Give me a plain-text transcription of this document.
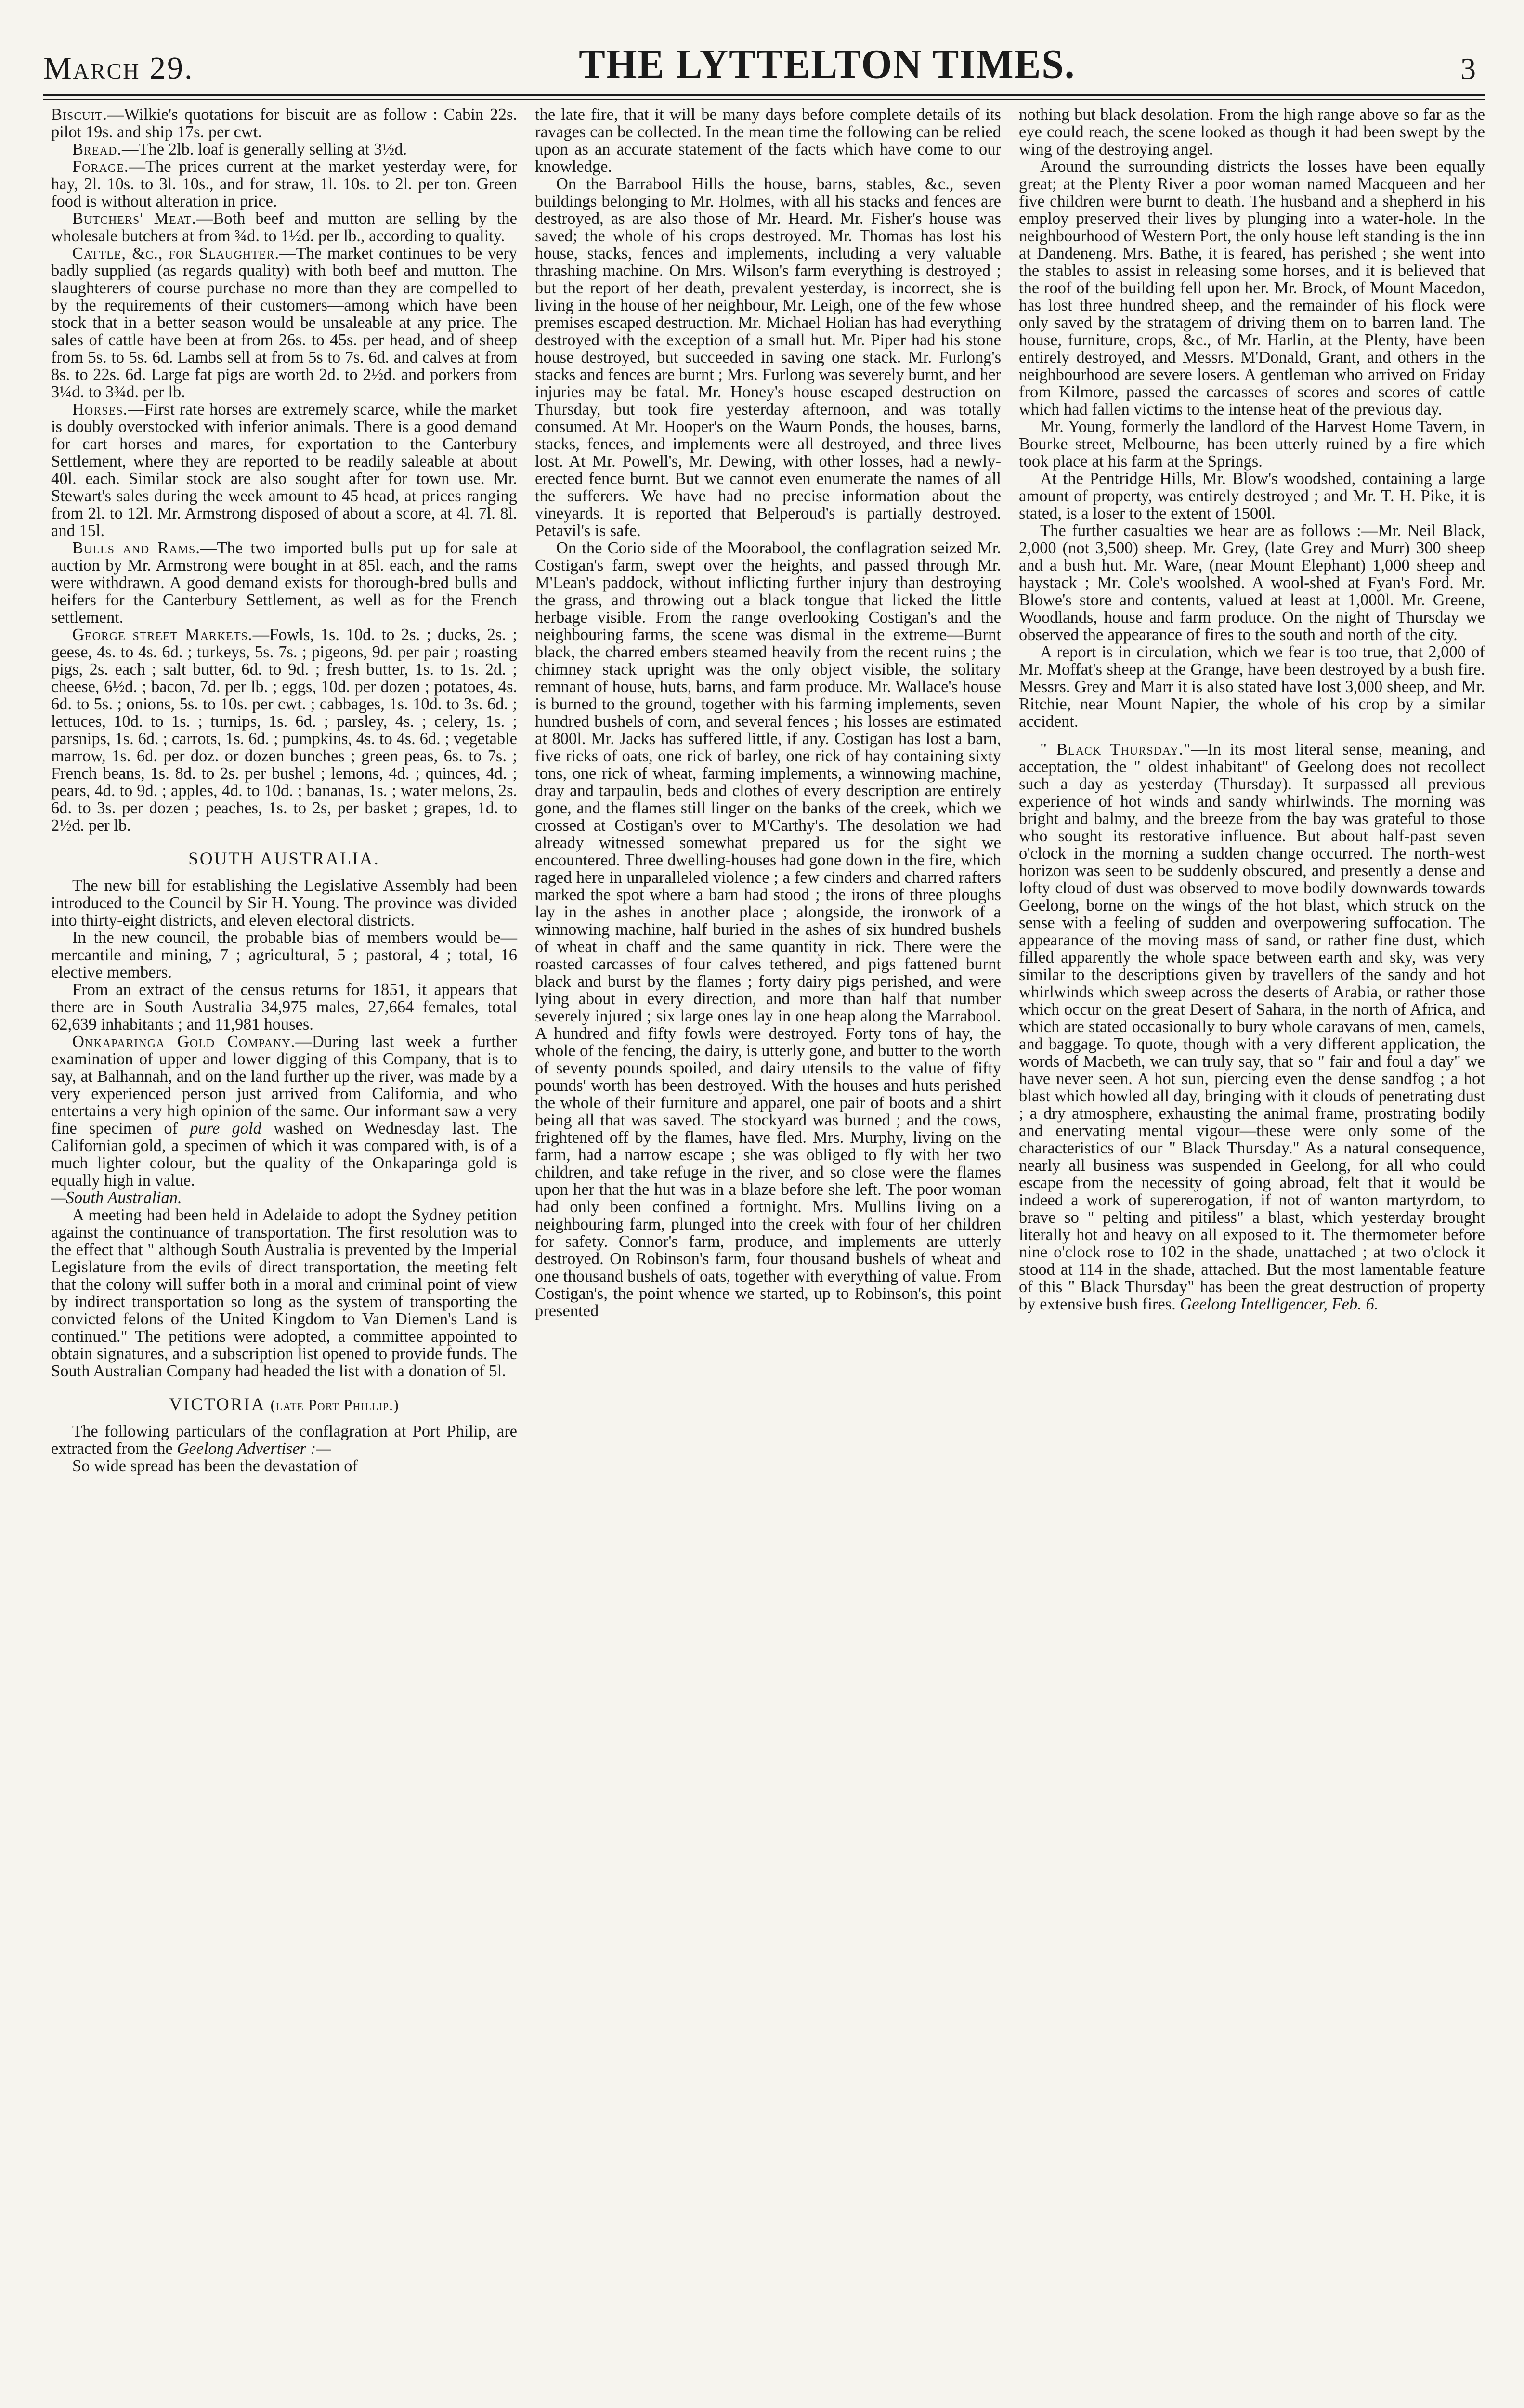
March 29.	THE LYTTELTON TIMES.	3

Biscuit.—Wilkie's quotations for biscuit are as follow : Cabin 22s. pilot 19s. and ship 17s. per cwt.

Bread.—The 2lb. loaf is generally selling at 3½d.

Forage.—The prices current at the market yesterday were, for hay, 2l. 10s. to 3l. 10s., and for straw, 1l. 10s. to 2l. per ton. Green food is without alteration in price.

Butchers' Meat.—Both beef and mutton are selling by the wholesale butchers at from ¾d. to 1½d. per lb., according to quality.

Cattle, &c., for Slaughter.—The market continues to be very badly supplied (as regards quality) with both beef and mutton. The slaughterers of course purchase no more than they are compelled to by the requirements of their customers—among which have been stock that in a better season would be unsaleable at any price. The sales of cattle have been at from 26s. to 45s. per head, and of sheep from 5s. to 5s. 6d. Lambs sell at from 5s to 7s. 6d. and calves at from 8s. to 22s. 6d. Large fat pigs are worth 2d. to 2½d. and porkers from 3¼d. to 3¾d. per lb.

Horses.—First rate horses are extremely scarce, while the market is doubly overstocked with inferior animals. There is a good demand for cart horses and mares, for exportation to the Canterbury Settlement, where they are reported to be readily saleable at about 40l. each. Similar stock are also sought after for town use. Mr. Stewart's sales during the week amount to 45 head, at prices ranging from 2l. to 12l. Mr. Armstrong disposed of about a score, at 4l. 7l. 8l. and 15l.

Bulls and Rams.—The two imported bulls put up for sale at auction by Mr. Armstrong were bought in at 85l. each, and the rams were withdrawn. A good demand exists for thorough-bred bulls and heifers for the Canterbury Settlement, as well as for the French settlement.

George street Markets.—Fowls, 1s. 10d. to 2s. ; ducks, 2s. ; geese, 4s. to 4s. 6d. ; turkeys, 5s. 7s. ; pigeons, 9d. per pair ; roasting pigs, 2s. each ; salt butter, 6d. to 9d. ; fresh butter, 1s. to 1s. 2d. ; cheese, 6½d. ; bacon, 7d. per lb. ; eggs, 10d. per dozen ; potatoes, 4s. 6d. to 5s. ; onions, 5s. to 10s. per cwt. ; cabbages, 1s. 10d. to 3s. 6d. ; lettuces, 10d. to 1s. ; turnips, 1s. 6d. ; parsley, 4s. ; celery, 1s. ; parsnips, 1s. 6d. ; carrots, 1s. 6d. ; pumpkins, 4s. to 4s. 6d. ; vegetable marrow, 1s. 6d. per doz. or dozen bunches ; green peas, 6s. to 7s. ; French beans, 1s. 8d. to 2s. per bushel ; lemons, 4d. ; quinces, 4d. ; pears, 4d. to 9d. ; apples, 4d. to 10d. ; bananas, 1s. ; water melons, 2s. 6d. to 3s. per dozen ; peaches, 1s. to 2s, per basket ; grapes, 1d. to 2½d. per lb.

SOUTH AUSTRALIA.

The new bill for establishing the Legislative Assembly had been introduced to the Council by Sir H. Young. The province was divided into thirty-eight districts, and eleven electoral districts.

In the new council, the probable bias of members would be—mercantile and mining, 7 ; agricultural, 5 ; pastoral, 4 ; total, 16 elective members.

From an extract of the census returns for 1851, it appears that there are in South Australia 34,975 males, 27,664 females, total 62,639 inhabitants ; and 11,981 houses.

Onkaparinga Gold Company.—During last week a further examination of upper and lower digging of this Company, that is to say, at Balhannah, and on the land further up the river, was made by a very experienced person just arrived from California, and who entertains a very high opinion of the same. Our informant saw a very fine specimen of pure gold washed on Wednesday last. The Californian gold, a specimen of which it was compared with, is of a much lighter colour, but the quality of the Onkaparinga gold is equally high in value.
—South Australian.

A meeting had been held in Adelaide to adopt the Sydney petition against the continuance of transportation. The first resolution was to the effect that " although South Australia is prevented by the Imperial Legislature from the evils of direct transportation, the meeting felt that the colony will suffer both in a moral and criminal point of view by indirect transportation so long as the system of transporting the convicted felons of the United Kingdom to Van Diemen's Land is continued." The petitions were adopted, a committee appointed to obtain signatures, and a subscription list opened to provide funds. The South Australian Company had headed the list with a donation of 5l.

VICTORIA (late Port Phillip.)

The following particulars of the conflagration at Port Philip, are extracted from the Geelong Advertiser :—

So wide spread has been the devastation of

the late fire, that it will be many days before complete details of its ravages can be collected. In the mean time the following can be relied upon as an accurate statement of the facts which have come to our knowledge.

On the Barrabool Hills the house, barns, stables, &c., seven buildings belonging to Mr. Holmes, with all his stacks and fences are destroyed, as are also those of Mr. Heard. Mr. Fisher's house was saved; the whole of his crops destroyed. Mr. Thomas has lost his house, stacks, fences and implements, including a very valuable thrashing machine. On Mrs. Wilson's farm everything is destroyed ; but the report of her death, prevalent yesterday, is incorrect, she is living in the house of her neighbour, Mr. Leigh, one of the few whose premises escaped destruction. Mr. Michael Holian has had everything destroyed with the exception of a small hut. Mr. Piper had his stone house destroyed, but succeeded in saving one stack. Mr. Furlong's stacks and fences are burnt ; Mrs. Furlong was severely burnt, and her injuries may be fatal. Mr. Honey's house escaped destruction on Thursday, but took fire yesterday afternoon, and was totally consumed. At Mr. Hooper's on the Waurn Ponds, the houses, barns, stacks, fences, and implements were all destroyed, and three lives lost. At Mr. Powell's, Mr. Dewing, with other losses, had a newly-erected fence burnt. But we cannot even enumerate the names of all the sufferers. We have had no precise information about the vineyards. It is reported that Belperoud's is partially destroyed. Petavil's is safe.

On the Corio side of the Moorabool, the conflagration seized Mr. Costigan's farm, swept over the heights, and passed through Mr. M'Lean's paddock, without inflicting further injury than destroying the grass, and throwing out a black tongue that licked the little herbage visible. From the range overlooking Costigan's and the neighbouring farms, the scene was dismal in the extreme—Burnt black, the charred embers steamed heavily from the recent ruins ; the chimney stack upright was the only object visible, the solitary remnant of house, huts, barns, and farm produce. Mr. Wallace's house is burned to the ground, together with his farming implements, seven hundred bushels of corn, and several fences ; his losses are estimated at 800l. Mr. Jacks has suffered little, if any. Costigan has lost a barn, five ricks of oats, one rick of barley, one rick of hay containing sixty tons, one rick of wheat, farming implements, a winnowing machine, dray and tarpaulin, beds and clothes of every description are entirely gone, and the flames still linger on the banks of the creek, which we crossed at Costigan's over to M'Carthy's. The desolation we had already witnessed somewhat prepared us for the sight we encountered. Three dwelling-houses had gone down in the fire, which raged here in unparalleled violence ; a few cinders and charred rafters marked the spot where a barn had stood ; the irons of three ploughs lay in the ashes in another place ; alongside, the ironwork of a winnowing machine, half buried in the ashes of six hundred bushels of wheat in chaff and the same quantity in rick. There were the roasted carcasses of four calves tethered, and pigs fattened burnt black and burst by the flames ; forty dairy pigs perished, and were lying about in every direction, and more than half that number severely injured ; six large ones lay in one heap along the Marrabool. A hundred and fifty fowls were destroyed. Forty tons of hay, the whole of the fencing, the dairy, is utterly gone, and butter to the worth of seventy pounds spoiled, and dairy utensils to the value of fifty pounds' worth has been destroyed. With the houses and huts perished the whole of their furniture and apparel, one pair of boots and a shirt being all that was saved. The stockyard was burned ; and the cows, frightened off by the flames, have fled. Mrs. Murphy, living on the farm, had a narrow escape ; she was obliged to fly with her two children, and take refuge in the river, and so close were the flames upon her that the hut was in a blaze before she left. The poor woman had only been confined a fortnight. Mrs. Mullins living on a neighbouring farm, plunged into the creek with four of her children for safety. Connor's farm, produce, and implements are utterly destroyed. On Robinson's farm, four thousand bushels of wheat and one thousand bushels of oats, together with everything of value. From Costigan's, the point whence we started, up to Robinson's, this point presented

nothing but black desolation. From the high range above so far as the eye could reach, the scene looked as though it had been swept by the wing of the destroying angel.

Around the surrounding districts the losses have been equally great; at the Plenty River a poor woman named Macqueen and her five children were burnt to death. The husband and a shepherd in his employ preserved their lives by plunging into a water-hole. In the neighbourhood of Western Port, the only house left standing is the inn at Dandeneng. Mrs. Bathe, it is feared, has perished ; she went into the stables to assist in releasing some horses, and it is believed that the roof of the building fell upon her. Mr. Brock, of Mount Macedon, has lost three hundred sheep, and the remainder of his flock were only saved by the stratagem of driving them on to barren land. The house, furniture, crops, &c., of Mr. Harlin, at the Plenty, have been entirely destroyed, and Messrs. M'Donald, Grant, and others in the neighbourhood are severe losers. A gentleman who arrived on Friday from Kilmore, passed the carcasses of scores and scores of cattle which had fallen victims to the intense heat of the previous day.

Mr. Young, formerly the landlord of the Harvest Home Tavern, in Bourke street, Melbourne, has been utterly ruined by a fire which took place at his farm at the Springs.

At the Pentridge Hills, Mr. Blow's woodshed, containing a large amount of property, was entirely destroyed ; and Mr. T. H. Pike, it is stated, is a loser to the extent of 1500l.

The further casualties we hear are as follows :—Mr. Neil Black, 2,000 (not 3,500) sheep. Mr. Grey, (late Grey and Murr) 300 sheep and a bush hut. Mr. Ware, (near Mount Elephant) 1,000 sheep and haystack ; Mr. Cole's woolshed. A wool-shed at Fyan's Ford. Mr. Blowe's store and contents, valued at least at 1,000l. Mr. Greene, Woodlands, house and farm produce. On the night of Thursday we observed the appearance of fires to the south and north of the city.

A report is in circulation, which we fear is too true, that 2,000 of Mr. Moffat's sheep at the Grange, have been destroyed by a bush fire. Messrs. Grey and Marr it is also stated have lost 3,000 sheep, and Mr. Ritchie, near Mount Napier, the whole of his crop by a similar accident.

" Black Thursday."—In its most literal sense, meaning, and acceptation, the " oldest inhabitant" of Geelong does not recollect such a day as yesterday (Thursday). It surpassed all previous experience of hot winds and sandy whirlwinds. The morning was bright and balmy, and the breeze from the bay was grateful to those who sought its restorative influence. But about half-past seven o'clock in the morning a sudden change occurred. The north-west horizon was seen to be suddenly obscured, and presently a dense and lofty cloud of dust was observed to move bodily downwards towards Geelong, borne on the wings of the hot blast, which struck on the sense with a feeling of sudden and overpowering suffocation. The appearance of the moving mass of sand, or rather fine dust, which filled apparently the whole space between earth and sky, was very similar to the descriptions given by travellers of the sandy and hot whirlwinds which sweep across the deserts of Arabia, or rather those which occur on the great Desert of Sahara, in the north of Africa, and which are stated occasionally to bury whole caravans of men, camels, and baggage. To quote, though with a very different application, the words of Macbeth, we can truly say, that so " fair and foul a day" we have never seen. A hot sun, piercing even the dense sandfog ; a hot blast which howled all day, bringing with it clouds of penetrating dust ; a dry atmosphere, exhausting the animal frame, prostrating bodily and enervating mental vigour—these were only some of the characteristics of our " Black Thursday." As a natural consequence, nearly all business was suspended in Geelong, for all who could escape from the necessity of going abroad, felt that it would be indeed a work of supererogation, if not of wanton martyrdom, to brave so " pelting and pitiless" a blast, which yesterday brought literally hot and heavy on all exposed to it. The thermometer before nine o'clock rose to 102 in the shade, unattached ; at two o'clock it stood at 114 in the shade, attached. But the most lamentable feature of this " Black Thursday" has been the great destruction of property by extensive bush fires. Geelong Intelligencer, Feb. 6.
